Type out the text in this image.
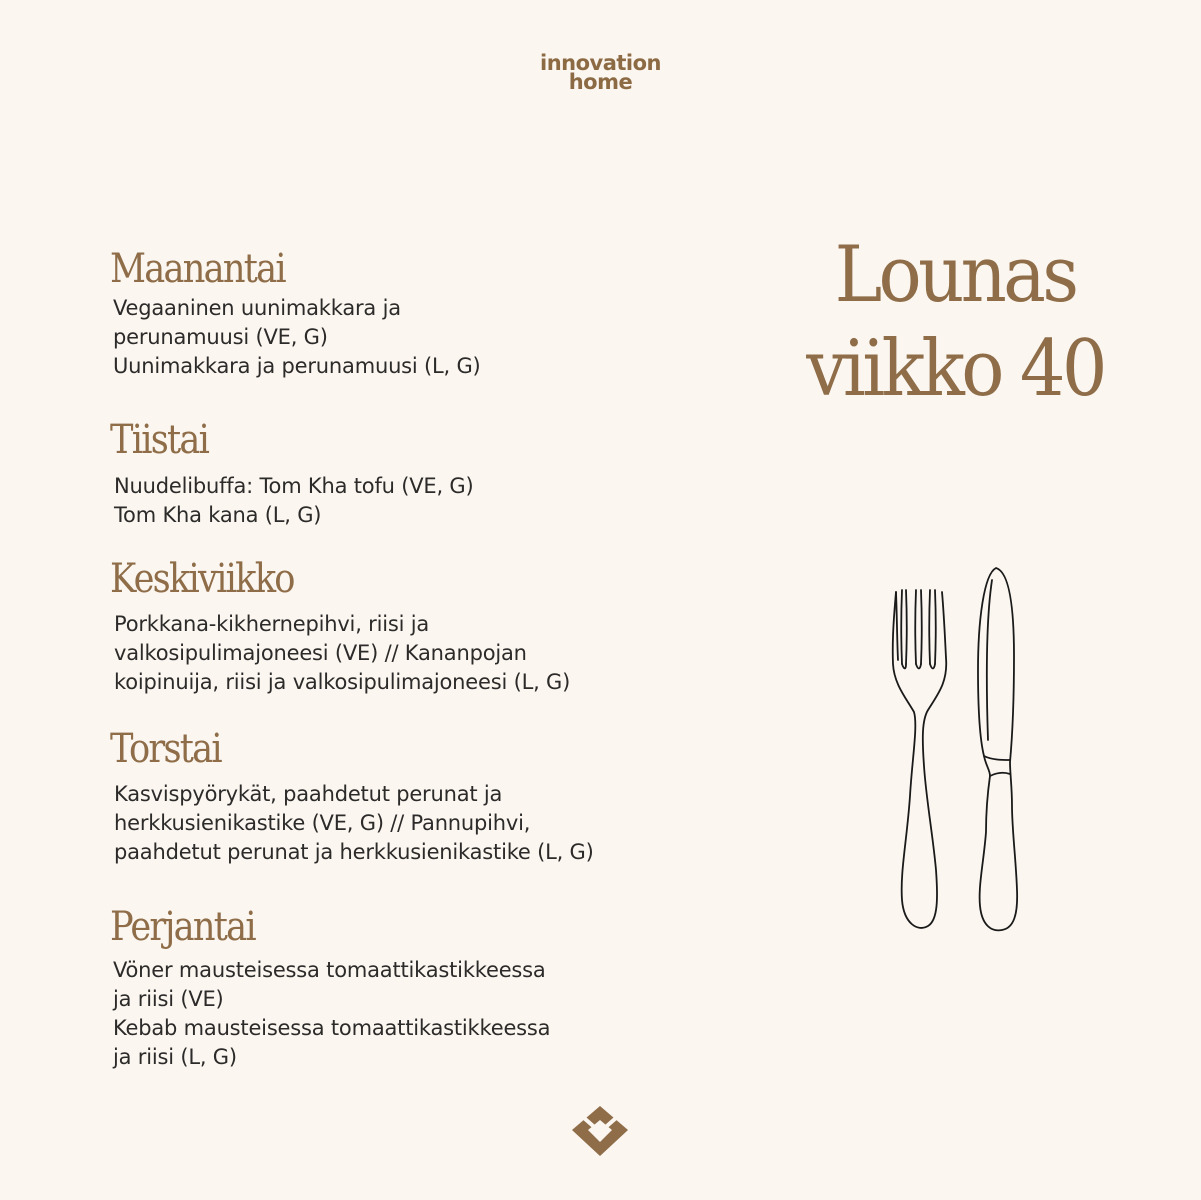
innovation
home
Lounas
viikko 40
Maanantai
Vegaaninen uunimakkara ja
perunamuusi (VE, G)
Uunimakkara ja perunamuusi (L, G)
Tiistai
Nuudelibuffa: Tom Kha tofu (VE, G)
Tom Kha kana (L, G)
Keskiviikko
Porkkana-kikhernepihvi, riisi ja
valkosipulimajoneesi (VE) // Kananpojan
koipinuija, riisi ja valkosipulimajoneesi (L, G)
Torstai
Kasvispyörykät, paahdetut perunat ja
herkkusienikastike (VE, G) // Pannupihvi,
paahdetut perunat ja herkkusienikastike (L, G)
Perjantai
Vöner mausteisessa tomaattikastikkeessa
ja riisi (VE)
Kebab mausteisessa tomaattikastikkeessa
ja riisi (L, G)
